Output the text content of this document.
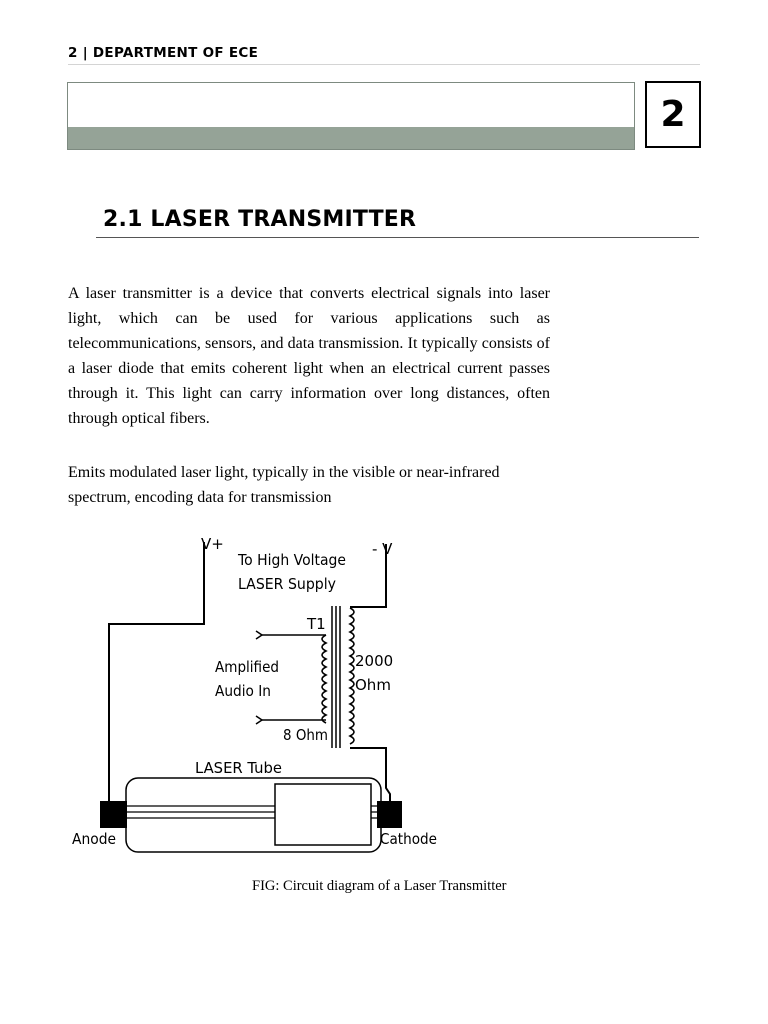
2 | DEPARTMENT OF ECE
2
2.1 LASER TRANSMITTER

A laser transmitter is a device that converts electrical signals into laser light, which can be used for various applications such as telecommunications, sensors, and data transmission. It typically consists of a laser diode that emits coherent light when an electrical current passes through it. This light can carry information over long distances, often through optical fibers.

Emits modulated laser light, typically in the visible or near-infrared spectrum, encoding data for transmission

V+	- V
To High Voltage
LASER Supply
T1
Amplified
Audio In
2000
Ohm
8 Ohm
LASER Tube
Anode	Cathode
FIG: Circuit diagram of a Laser Transmitter
